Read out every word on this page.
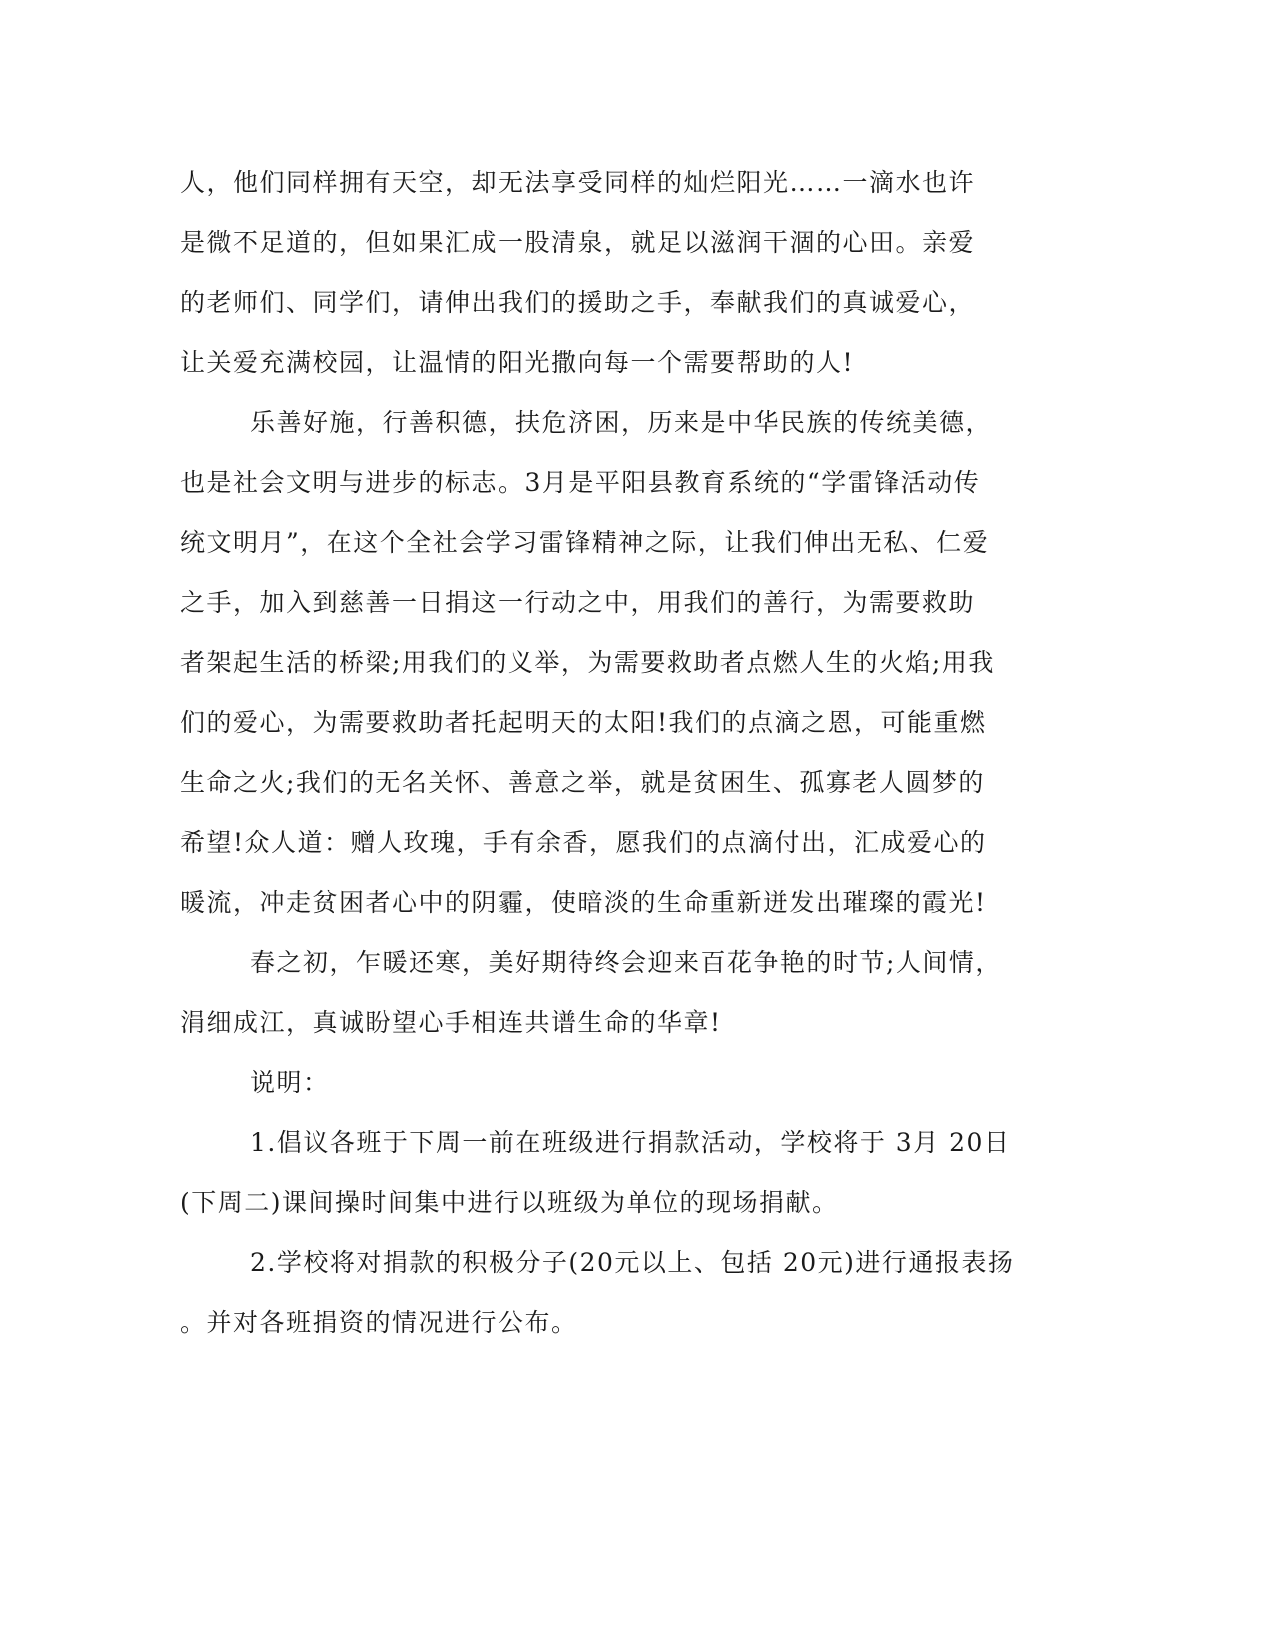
人，他们同样拥有天空，却无法享受同样的灿烂阳光……一滴水也许
是微不足道的，但如果汇成一股清泉，就足以滋润干涸的心田。亲爱
的老师们、同学们，请伸出我们的援助之手，奉献我们的真诚爱心，
让关爱充满校园，让温情的阳光撒向每一个需要帮助的人!
乐善好施，行善积德，扶危济困，历来是中华民族的传统美德，
也是社会文明与进步的标志。3月是平阳县教育系统的“学雷锋活动传
统文明月”，在这个全社会学习雷锋精神之际，让我们伸出无私、仁爱
之手，加入到慈善一日捐这一行动之中，用我们的善行，为需要救助
者架起生活的桥梁;用我们的义举，为需要救助者点燃人生的火焰;用我
们的爱心，为需要救助者托起明天的太阳!我们的点滴之恩，可能重燃
生命之火;我们的无名关怀、善意之举，就是贫困生、孤寡老人圆梦的
希望!众人道：赠人玫瑰，手有余香，愿我们的点滴付出，汇成爱心的
暖流，冲走贫困者心中的阴霾，使暗淡的生命重新迸发出璀璨的霞光!
春之初，乍暖还寒，美好期待终会迎来百花争艳的时节;人间情，
涓细成江，真诚盼望心手相连共谱生命的华章!
说明：
1.倡议各班于下周一前在班级进行捐款活动，学校将于 3月 20日
(下周二)课间操时间集中进行以班级为单位的现场捐献。
2.学校将对捐款的积极分子(20元以上、包括 20元)进行通报表扬
。并对各班捐资的情况进行公布。
